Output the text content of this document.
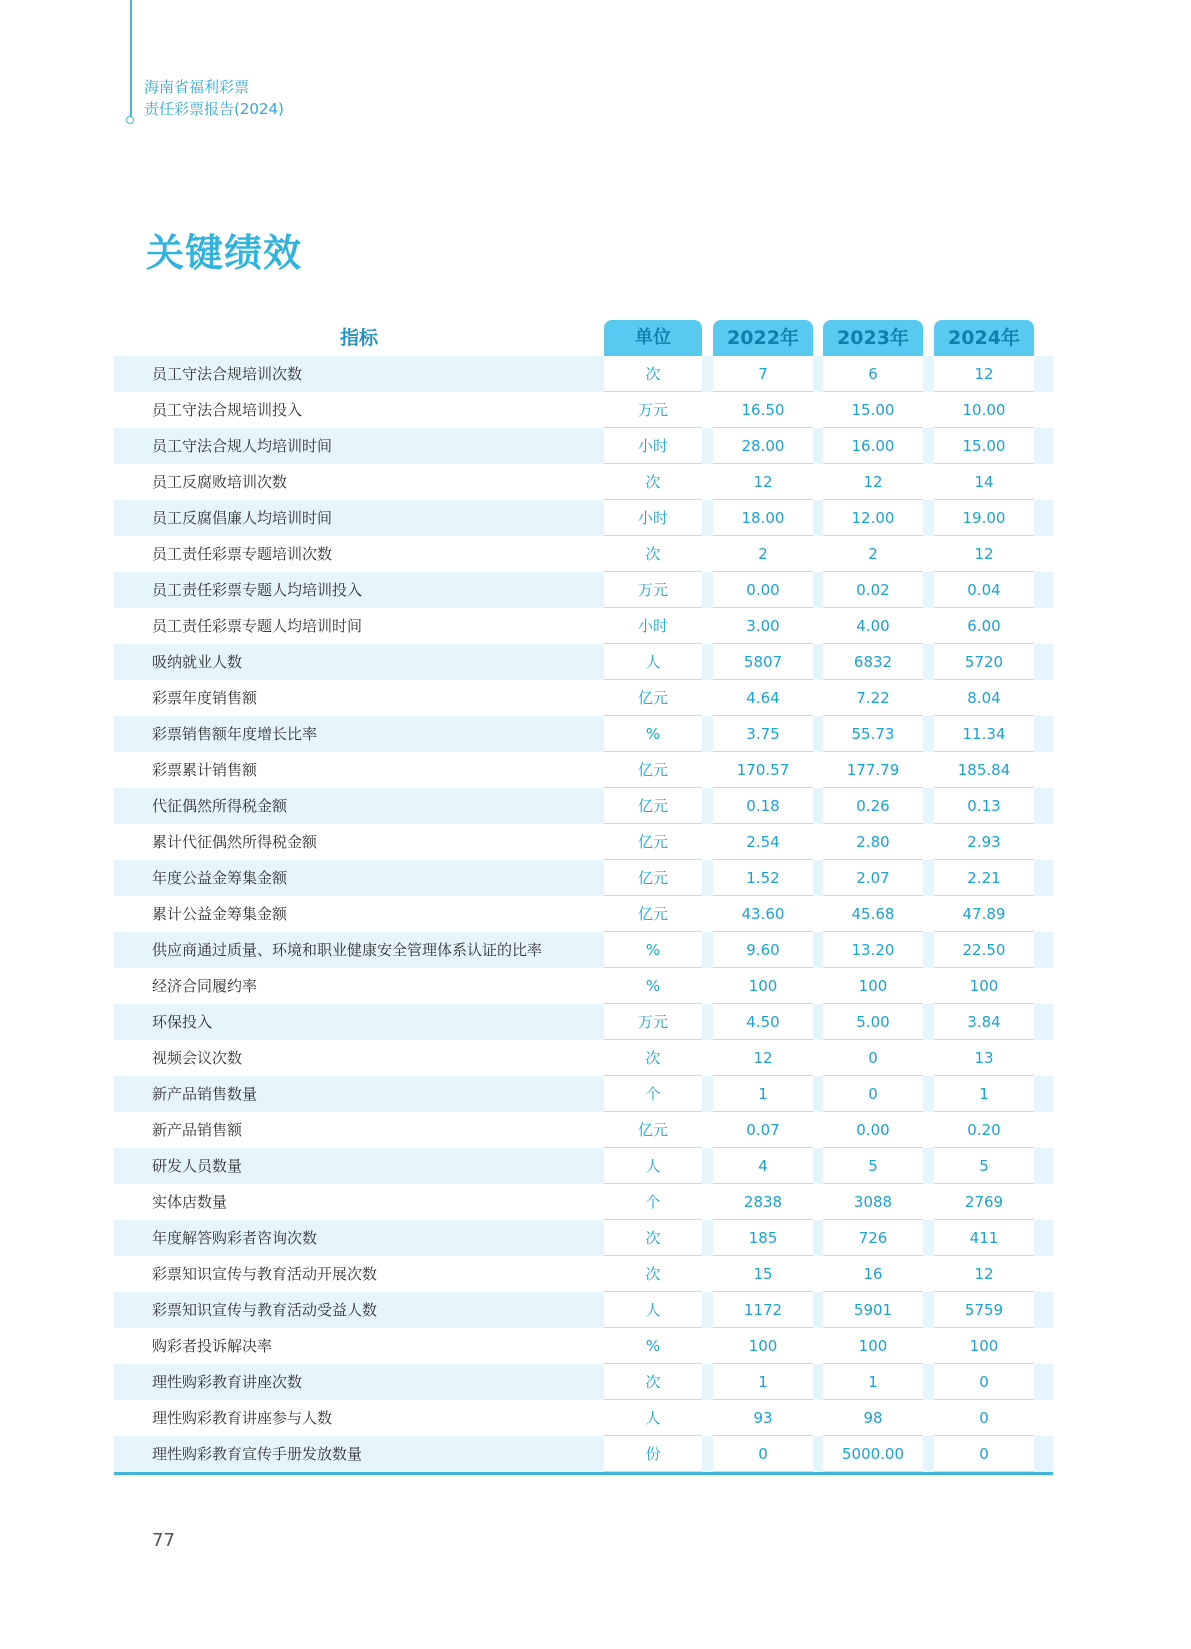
海南省福利彩票
责任彩票报告(2024)
关键绩效
指标	单位	2022年	2023年	2024年
员工守法合规培训次数	次	7	6	12
员工守法合规培训投入	万元	16.50	15.00	10.00
员工守法合规人均培训时间	小时	28.00	16.00	15.00
员工反腐败培训次数	次	12	12	14
员工反腐倡廉人均培训时间	小时	18.00	12.00	19.00
员工责任彩票专题培训次数	次	2	2	12
员工责任彩票专题人均培训投入	万元	0.00	0.02	0.04
员工责任彩票专题人均培训时间	小时	3.00	4.00	6.00
吸纳就业人数	人	5807	6832	5720
彩票年度销售额	亿元	4.64	7.22	8.04
彩票销售额年度增长比率	%	3.75	55.73	11.34
彩票累计销售额	亿元	170.57	177.79	185.84
代征偶然所得税金额	亿元	0.18	0.26	0.13
累计代征偶然所得税金额	亿元	2.54	2.80	2.93
年度公益金筹集金额	亿元	1.52	2.07	2.21
累计公益金筹集金额	亿元	43.60	45.68	47.89
供应商通过质量、环境和职业健康安全管理体系认证的比率	%	9.60	13.20	22.50
经济合同履约率	%	100	100	100
环保投入	万元	4.50	5.00	3.84
视频会议次数	次	12	0	13
新产品销售数量	个	1	0	1
新产品销售额	亿元	0.07	0.00	0.20
研发人员数量	人	4	5	5
实体店数量	个	2838	3088	2769
年度解答购彩者咨询次数	次	185	726	411
彩票知识宣传与教育活动开展次数	次	15	16	12
彩票知识宣传与教育活动受益人数	人	1172	5901	5759
购彩者投诉解决率	%	100	100	100
理性购彩教育讲座次数	次	1	1	0
理性购彩教育讲座参与人数	人	93	98	0
理性购彩教育宣传手册发放数量	份	0	5000.00	0
77
